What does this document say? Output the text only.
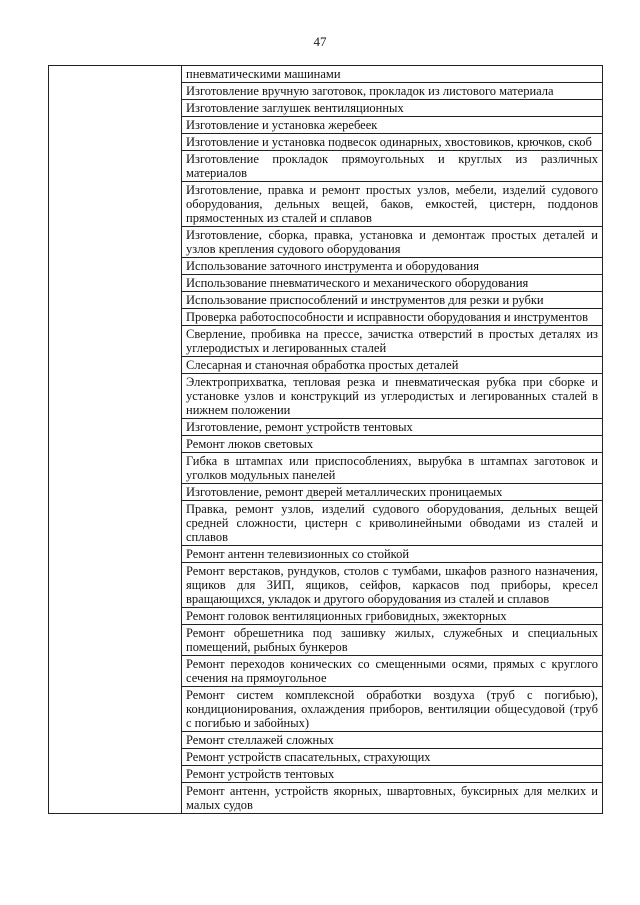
47
	пневматическими машинами
Изготовление вручную заготовок, прокладок из листового материала
Изготовление заглушек вентиляционных
Изготовление и установка жеребеек
Изготовление и установка подвесок одинарных, хвостовиков, крючков, скоб
Изготовление прокладок прямоугольных и круглых из различных материалов
Изготовление, правка и ремонт простых узлов, мебели, изделий судового оборудования, дельных вещей, баков, емкостей, цистерн, поддонов прямостенных из сталей и сплавов
Изготовление, сборка, правка, установка и демонтаж простых деталей и узлов крепления судового оборудования
Использование заточного инструмента и оборудования
Использование пневматического и механического оборудования
Использование приспособлений и инструментов для резки и рубки
Проверка работоспособности и исправности оборудования и инструментов
Сверление, пробивка на прессе, зачистка отверстий в простых деталях из углеродистых и легированных сталей
Слесарная и станочная обработка простых деталей
Электроприхватка, тепловая резка и пневматическая рубка при сборке и установке узлов и конструкций из углеродистых и легированных сталей в нижнем положении
Изготовление, ремонт устройств тентовых
Ремонт люков световых
Гибка в штампах или приспособлениях, вырубка в штампах заготовок и уголков модульных панелей
Изготовление, ремонт дверей металлических проницаемых
Правка, ремонт узлов, изделий судового оборудования, дельных вещей средней сложности, цистерн с криволинейными обводами из сталей и сплавов
Ремонт антенн телевизионных со стойкой
Ремонт верстаков, рундуков, столов с тумбами, шкафов разного назначения, ящиков для ЗИП, ящиков, сейфов, каркасов под приборы, кресел вращающихся, укладок и другого оборудования из сталей и сплавов
Ремонт головок вентиляционных грибовидных, эжекторных
Ремонт обрешетника под зашивку жилых, служебных и специальных помещений, рыбных бункеров
Ремонт переходов конических со смещенными осями, прямых с круглого сечения на прямоугольное
Ремонт систем комплексной обработки воздуха (труб с погибью), кондиционирования, охлаждения приборов, вентиляции общесудовой (труб с погибью и забойных)
Ремонт стеллажей сложных
Ремонт устройств спасательных, страхующих
Ремонт устройств тентовых
Ремонт антенн, устройств якорных, швартовных, буксирных для мелких и малых судов
